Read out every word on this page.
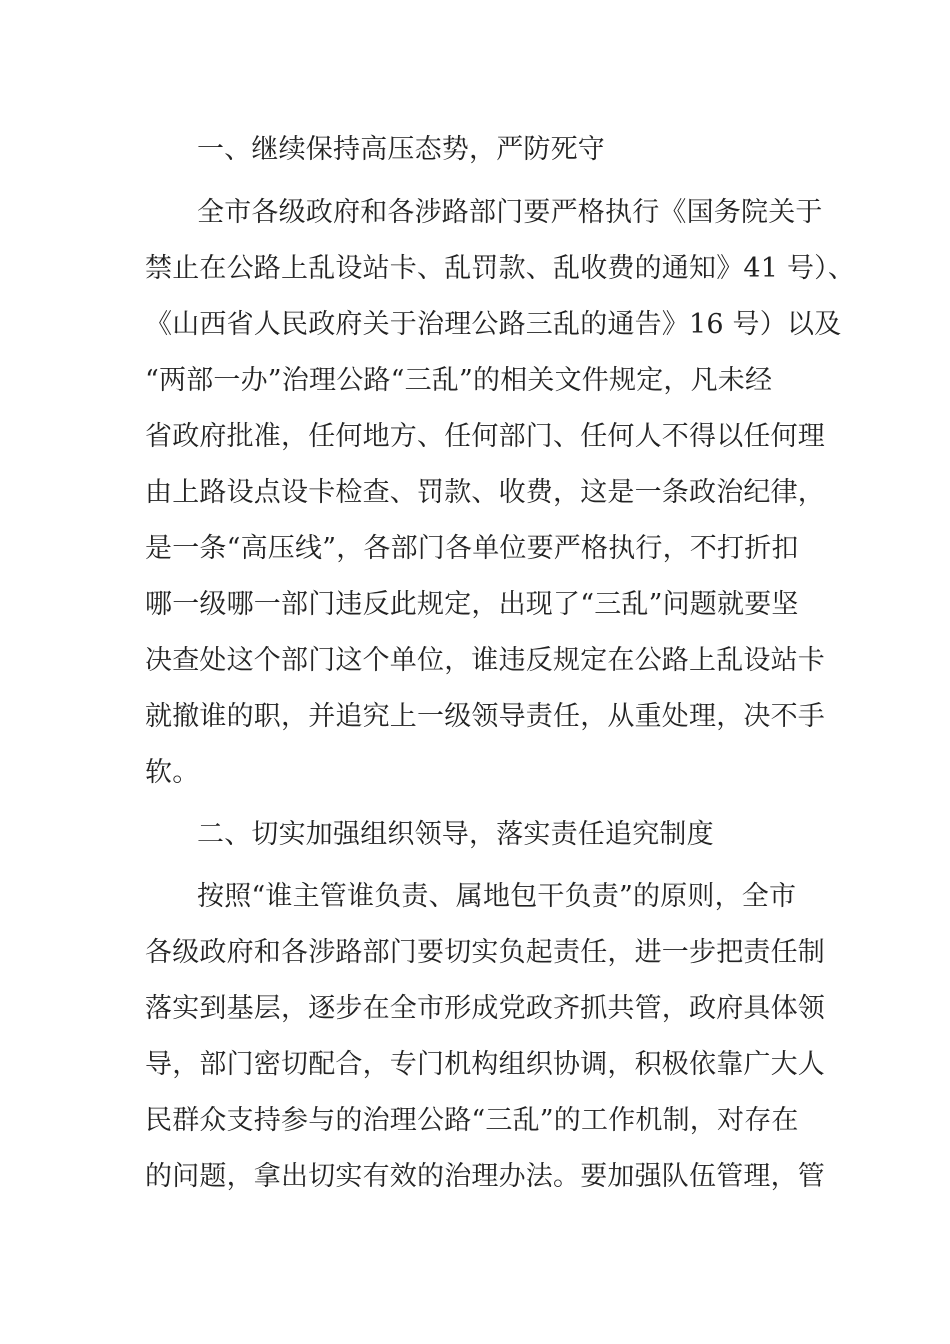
一、继续保持高压态势，严防死守
全市各级政府和各涉路部门要严格执行《国务院关于
禁止在公路上乱设站卡、乱罚款、乱收费的通知》41 号）、
《山西省人民政府关于治理公路三乱的通告》16 号）以及
“两部一办”治理公路“三乱”的相关文件规定，凡未经
省政府批准，任何地方、任何部门、任何人不得以任何理
由上路设点设卡检查、罚款、收费，这是一条政治纪律，
是一条“高压线”，各部门各单位要严格执行，不打折扣
哪一级哪一部门违反此规定，出现了“三乱”问题就要坚
决查处这个部门这个单位，谁违反规定在公路上乱设站卡
就撤谁的职，并追究上一级领导责任，从重处理，决不手
软。
二、切实加强组织领导，落实责任追究制度
按照“谁主管谁负责、属地包干负责”的原则，全市
各级政府和各涉路部门要切实负起责任，进一步把责任制
落实到基层，逐步在全市形成党政齐抓共管，政府具体领
导，部门密切配合，专门机构组织协调，积极依靠广大人
民群众支持参与的治理公路“三乱”的工作机制，对存在
的问题，拿出切实有效的治理办法。要加强队伍管理，管
